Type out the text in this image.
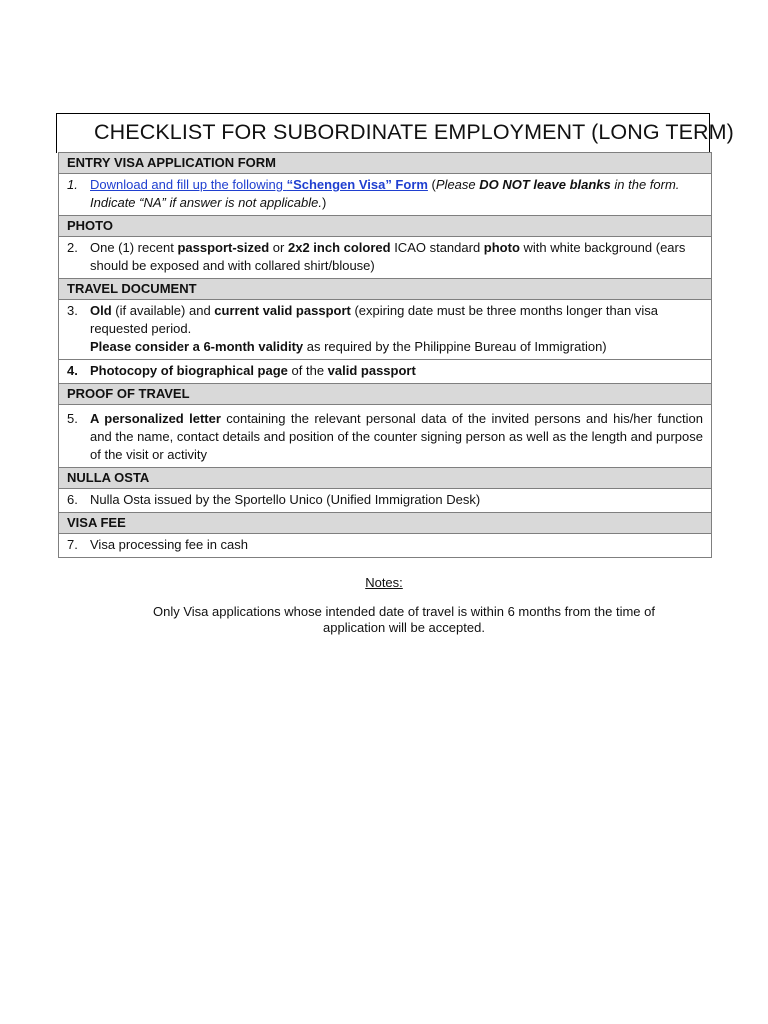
CHECKLIST FOR SUBORDINATE EMPLOYMENT (LONG TERM)
ENTRY VISA APPLICATION FORM

1. Download and fill up the following “Schengen Visa” Form (Please DO NOT leave blanks in the form. Indicate “NA” if answer is not applicable.)

PHOTO

2. One (1) recent passport-sized or 2x2 inch colored ICAO standard photo with white background (ears should be exposed and with collared shirt/blouse)

TRAVEL DOCUMENT

3. Old (if available) and current valid passport (expiring date must be three months longer than visa requested period.
Please consider a 6-month validity as required by the Philippine Bureau of Immigration)

4. Photocopy of biographical page of the valid passport

PROOF OF TRAVEL

5. A personalized letter containing the relevant personal data of the invited persons and his/her function and the name, contact details and position of the counter signing person as well as the length and purpose of the visit or activity

NULLA OSTA

6. Nulla Osta issued by the Sportello Unico (Unified Immigration Desk)

VISA FEE

7. Visa processing fee in cash
Notes:
Only Visa applications whose intended date of travel is within 6 months from the time of application will be accepted.
